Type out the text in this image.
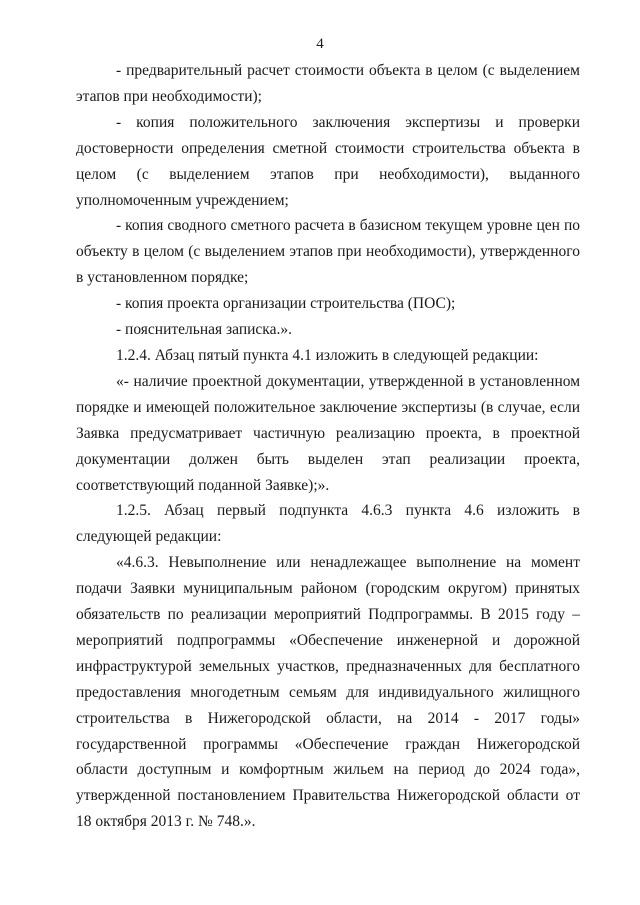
4

- предварительный расчет стоимости объекта в целом (с выделением этапов при необходимости);

- копия положительного заключения экспертизы и проверки достоверности определения сметной стоимости строительства объекта в целом (с выделением этапов при необходимости), выданного уполномоченным учреждением;

- копия сводного сметного расчета в базисном текущем уровне цен по объекту в целом (с выделением этапов при необходимости), утвержденного в установленном порядке;

- копия проекта организации строительства (ПОС);

- пояснительная записка.».

1.2.4. Абзац пятый пункта 4.1 изложить в следующей редакции:

«- наличие проектной документации, утвержденной в установленном порядке и имеющей положительное заключение экспертизы (в случае, если Заявка предусматривает частичную реализацию проекта, в проектной документации должен быть выделен этап реализации проекта, соответствующий поданной Заявке);».

1.2.5. Абзац первый подпункта 4.6.3 пункта 4.6 изложить в следующей редакции:

«4.6.3. Невыполнение или ненадлежащее выполнение на момент подачи Заявки муниципальным районом (городским округом) принятых обязательств по реализации мероприятий Подпрограммы. В 2015 году – мероприятий подпрограммы «Обеспечение инженерной и дорожной инфраструктурой земельных участков, предназначенных для бесплатного предоставления многодетным семьям для индивидуального жилищного строительства в Нижегородской области, на 2014 - 2017 годы» государственной программы «Обеспечение граждан Нижегородской области доступным и комфортным жильем на период до 2024 года», утвержденной постановлением Правительства Нижегородской области от 18 октября 2013 г. № 748.».
